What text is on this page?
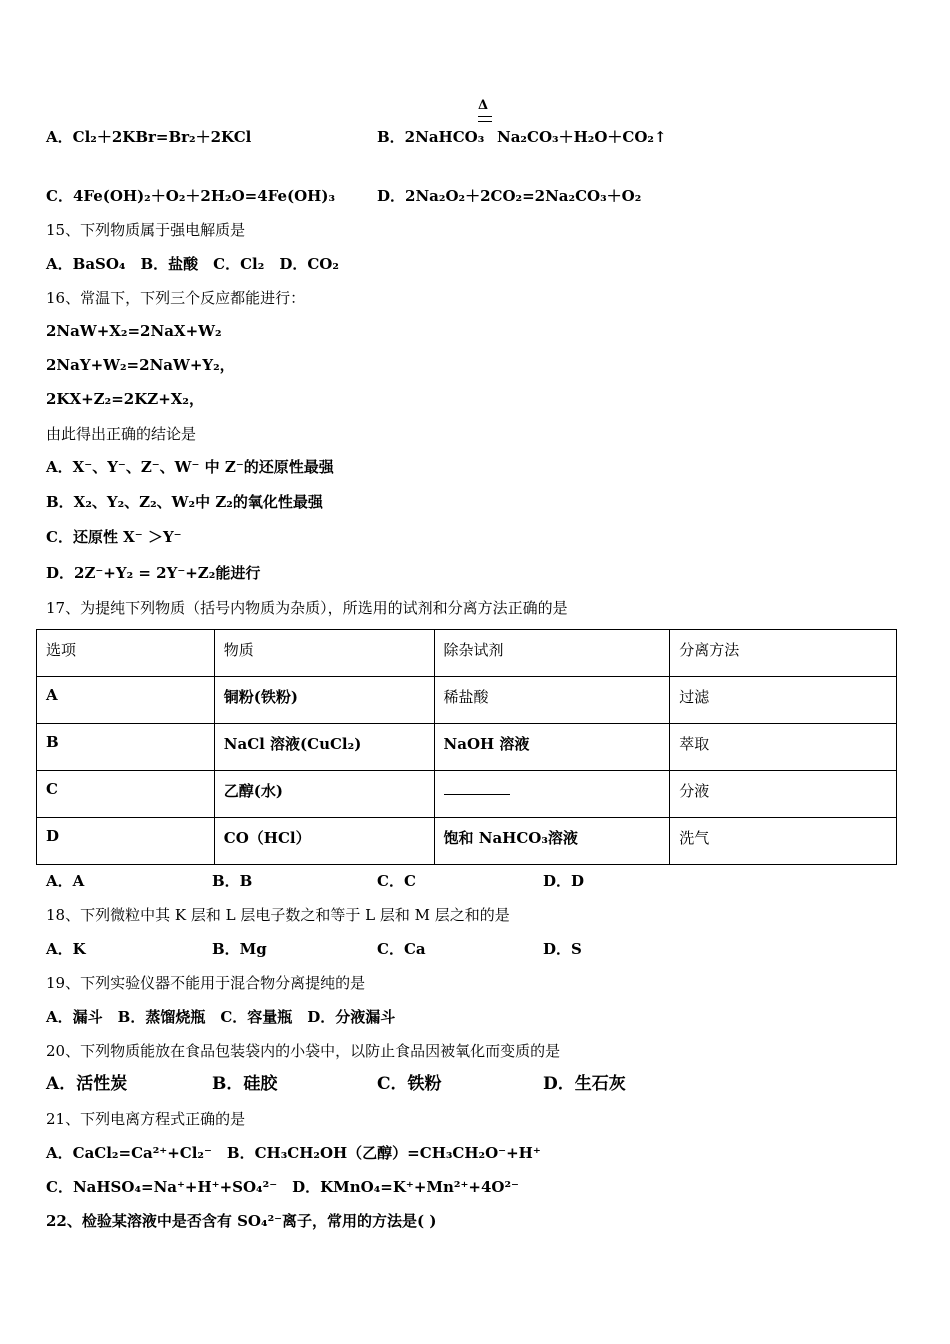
A．Cl₂＋2KBr=Br₂＋2KCl	B．2NaHCO₃
Δ
Na₂CO₃＋H₂O＋CO₂↑
C．4Fe(OH)₂＋O₂＋2H₂O=4Fe(OH)₃	D．2Na₂O₂＋2CO₂=2Na₂CO₃＋O₂
15、下列物质属于强电解质是
A．BaSO₄　B．盐酸　C．Cl₂　D．CO₂
16、常温下，下列三个反应都能进行：
2NaW+X₂=2NaX+W₂
2NaY+W₂=2NaW+Y₂，
2KX+Z₂=2KZ+X₂，
由此得出正确的结论是
A．X⁻、Y⁻、Z⁻、W⁻ 中 Z⁻的还原性最强
B．X₂、Y₂、Z₂、W₂中 Z₂的氧化性最强
C．还原性 X⁻ ＞Y⁻
D．2Z⁻+Y₂ = 2Y⁻+Z₂能进行
17、为提纯下列物质（括号内物质为杂质），所选用的试剂和分离方法正确的是
选项	物质	除杂试剂	分离方法
A	铜粉(铁粉)	稀盐酸	过滤
B	NaCl 溶液(CuCl₂)	NaOH 溶液	萃取
C	乙醇(水)		分液
D	CO（HCl）	饱和 NaHCO₃溶液	洗气
A．A	B．B	C．C	D．D
18、下列微粒中其 K 层和 L 层电子数之和等于 L 层和 M 层之和的是
A．K	B．Mg	C．Ca	D．S
19、下列实验仪器不能用于混合物分离提纯的是
A．漏斗　B．蒸馏烧瓶　C．容量瓶　D．分液漏斗
20、下列物质能放在食品包装袋内的小袋中，以防止食品因被氧化而变质的是
A．活性炭	B．硅胶	C．铁粉	D．生石灰
21、下列电离方程式正确的是
A．CaCl₂=Ca²⁺+Cl₂⁻　B．CH₃CH₂OH（乙醇）=CH₃CH₂O⁻+H⁺
C．NaHSO₄=Na⁺+H⁺+SO₄²⁻　D．KMnO₄=K⁺+Mn²⁺+4O²⁻
22、检验某溶液中是否含有 SO₄²⁻离子，常用的方法是( )
